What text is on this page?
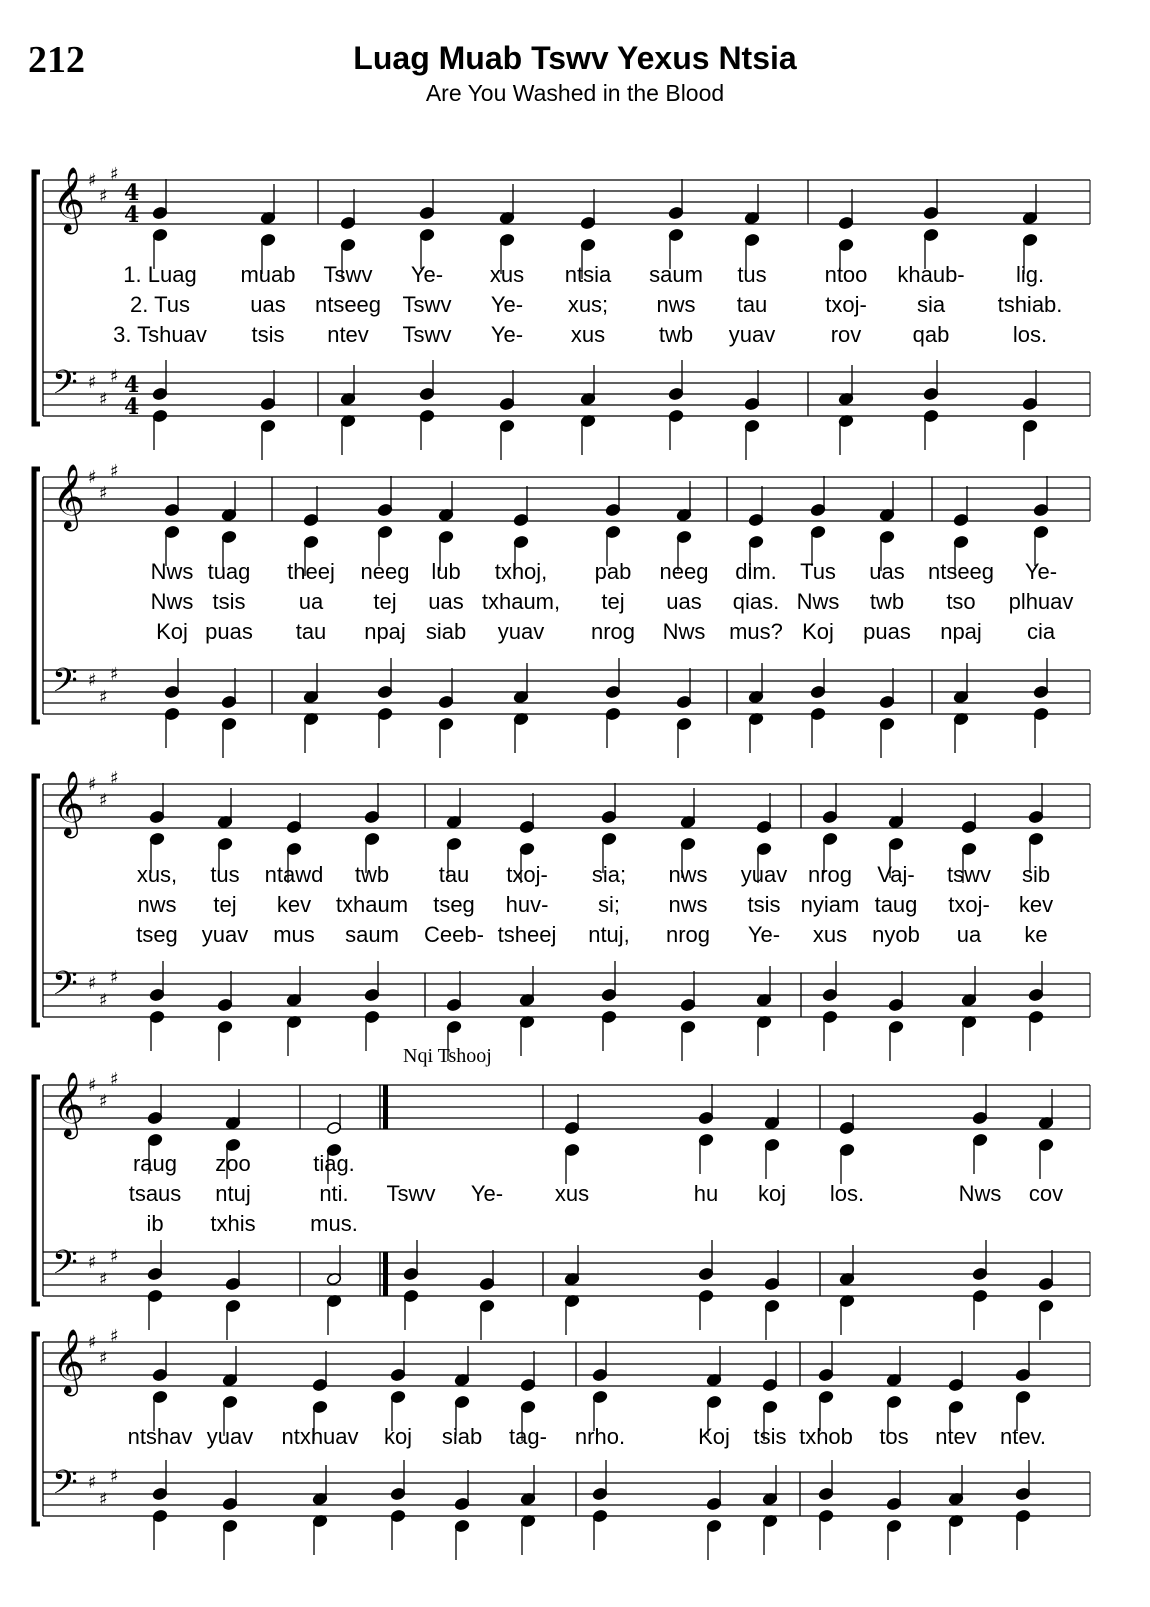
212	Luag Muab Tswv Yexus Ntsia
Are You Washed in the Blood
𝄞 ♯
♯
♯
4
4
𝄢 ♯
♯
♯ 4
4
1. Luag muab Tswv Ye- xus ntsia saum tus	ntoo khaub- lig.
2. Tus	uas ntseeg Tswv Ye- xus; nws tau	txoj- sia tshiab.
3. Tshuav tsis ntev Tswv Ye- xus twb yuav	rov qab	los.
𝄞 ♯
♯
♯
𝄢 ♯
♯
♯
Nws tuag theej neeg lub txhoj, pab neeg dim. Tus uas ntseeg Ye-
Nws tsis ua tej uas txhaum, tej uas qias. Nws twb tso plhuav
Koj puas tau npaj siab yuav nrog Nws mus? Koj puas npaj cia
𝄞 ♯
♯
♯
𝄢 ♯
♯
♯
xus, tus ntawd twb tau txoj- sia; nws yuav nrog Vaj- tswv sib
nws tej kev txhaum tseg huv- si; nws tsis nyiam taug txoj- kev
tseg yuav mus saum Ceeb- tsheej ntuj, nrog Ye- xus nyob ua ke
𝄞 ♯
♯
♯
𝄢 ♯
♯
♯
Nqi Tshooj
raug zoo	tiag.
tsaus ntuj	nti. Tswv Ye- xus	hu koj los.	Nws cov
ib txhis mus.
𝄞 ♯
♯
♯
𝄢 ♯
♯
♯
ntshav yuav ntxhuav koj siab tag- nrho.	Koj tsis txhob tos ntev ntev.
